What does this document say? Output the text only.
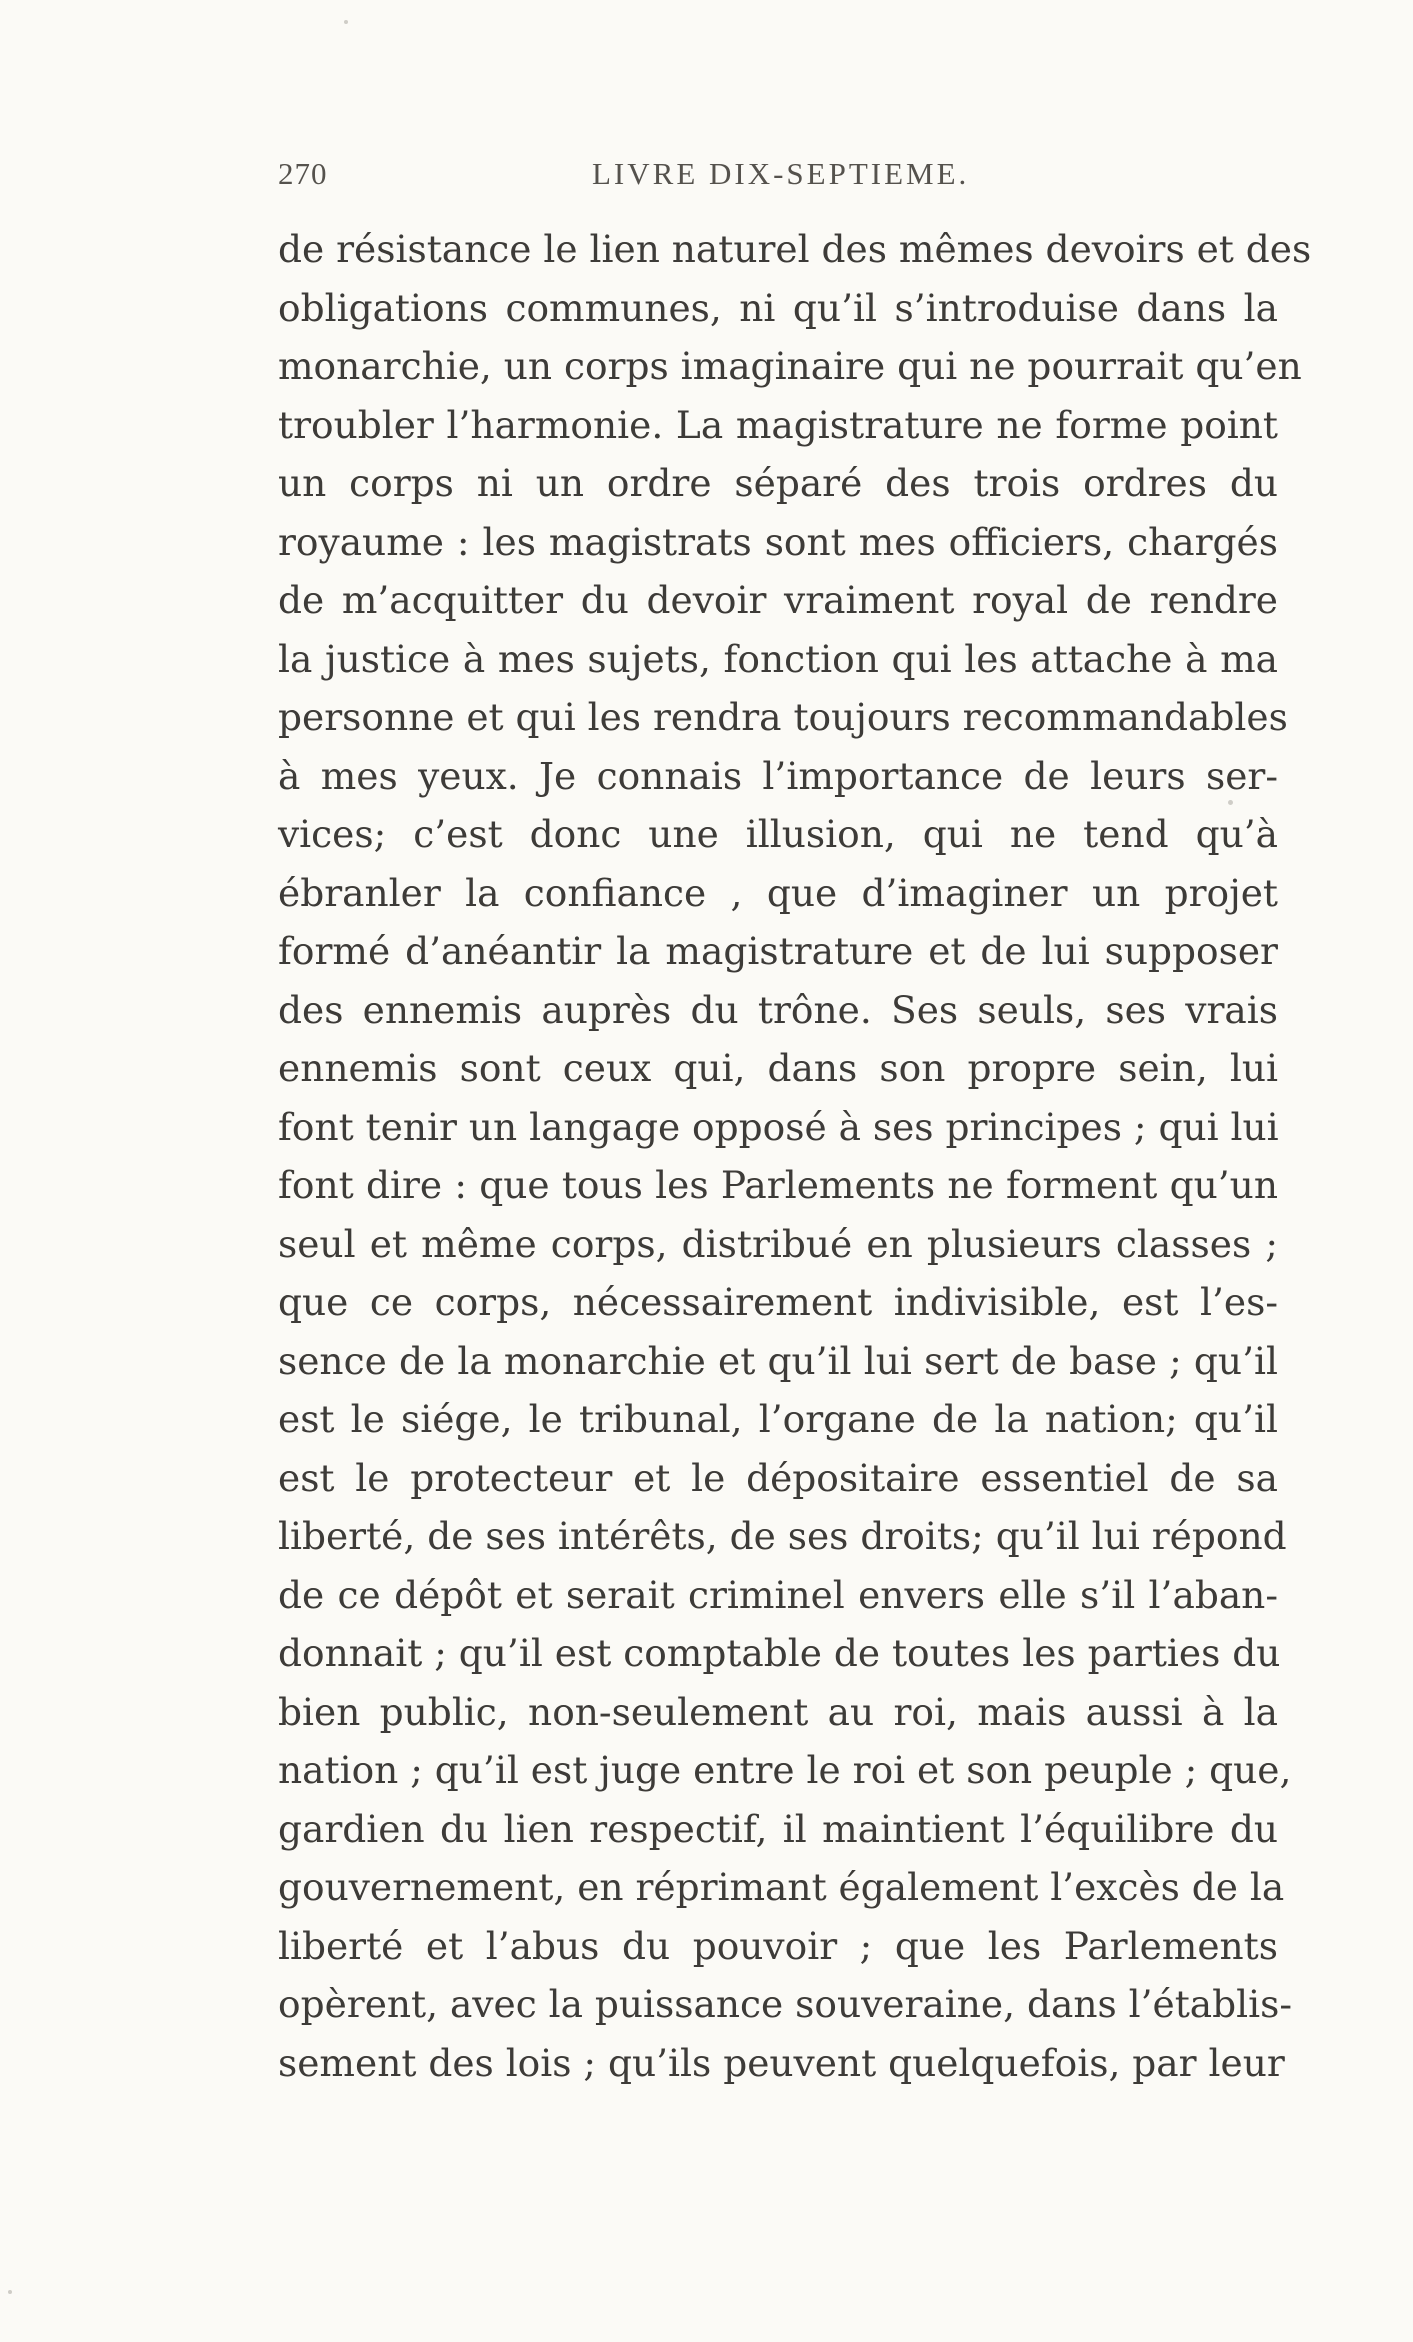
270	LIVRE DIX-SEPTIEME.
de résistance le lien naturel des mêmes devoirs et des
obligations communes, ni qu’il s’introduise dans la
monarchie, un corps imaginaire qui ne pourrait qu’en
troubler l’harmonie. La magistrature ne forme point
un corps ni un ordre séparé des trois ordres du
royaume : les magistrats sont mes officiers, chargés
de m’acquitter du devoir vraiment royal de rendre
la justice à mes sujets, fonction qui les attache à ma
personne et qui les rendra toujours recommandables
à mes yeux. Je connais l’importance de leurs ser-
vices; c’est donc une illusion, qui ne tend qu’à
ébranler la confiance , que d’imaginer un projet
formé d’anéantir la magistrature et de lui supposer
des ennemis auprès du trône. Ses seuls, ses vrais
ennemis sont ceux qui, dans son propre sein, lui
font tenir un langage opposé à ses principes ; qui lui
font dire : que tous les Parlements ne forment qu’un
seul et même corps, distribué en plusieurs classes ;
que ce corps, nécessairement indivisible, est l’es-
sence de la monarchie et qu’il lui sert de base ; qu’il
est le siége, le tribunal, l’organe de la nation; qu’il
est le protecteur et le dépositaire essentiel de sa
liberté, de ses intérêts, de ses droits; qu’il lui répond
de ce dépôt et serait criminel envers elle s’il l’aban-
donnait ; qu’il est comptable de toutes les parties du
bien public, non-seulement au roi, mais aussi à la
nation ; qu’il est juge entre le roi et son peuple ; que,
gardien du lien respectif, il maintient l’équilibre du
gouvernement, en réprimant également l’excès de la
liberté et l’abus du pouvoir ; que les Parlements
opèrent, avec la puissance souveraine, dans l’établis-
sement des lois ; qu’ils peuvent quelquefois, par leur
